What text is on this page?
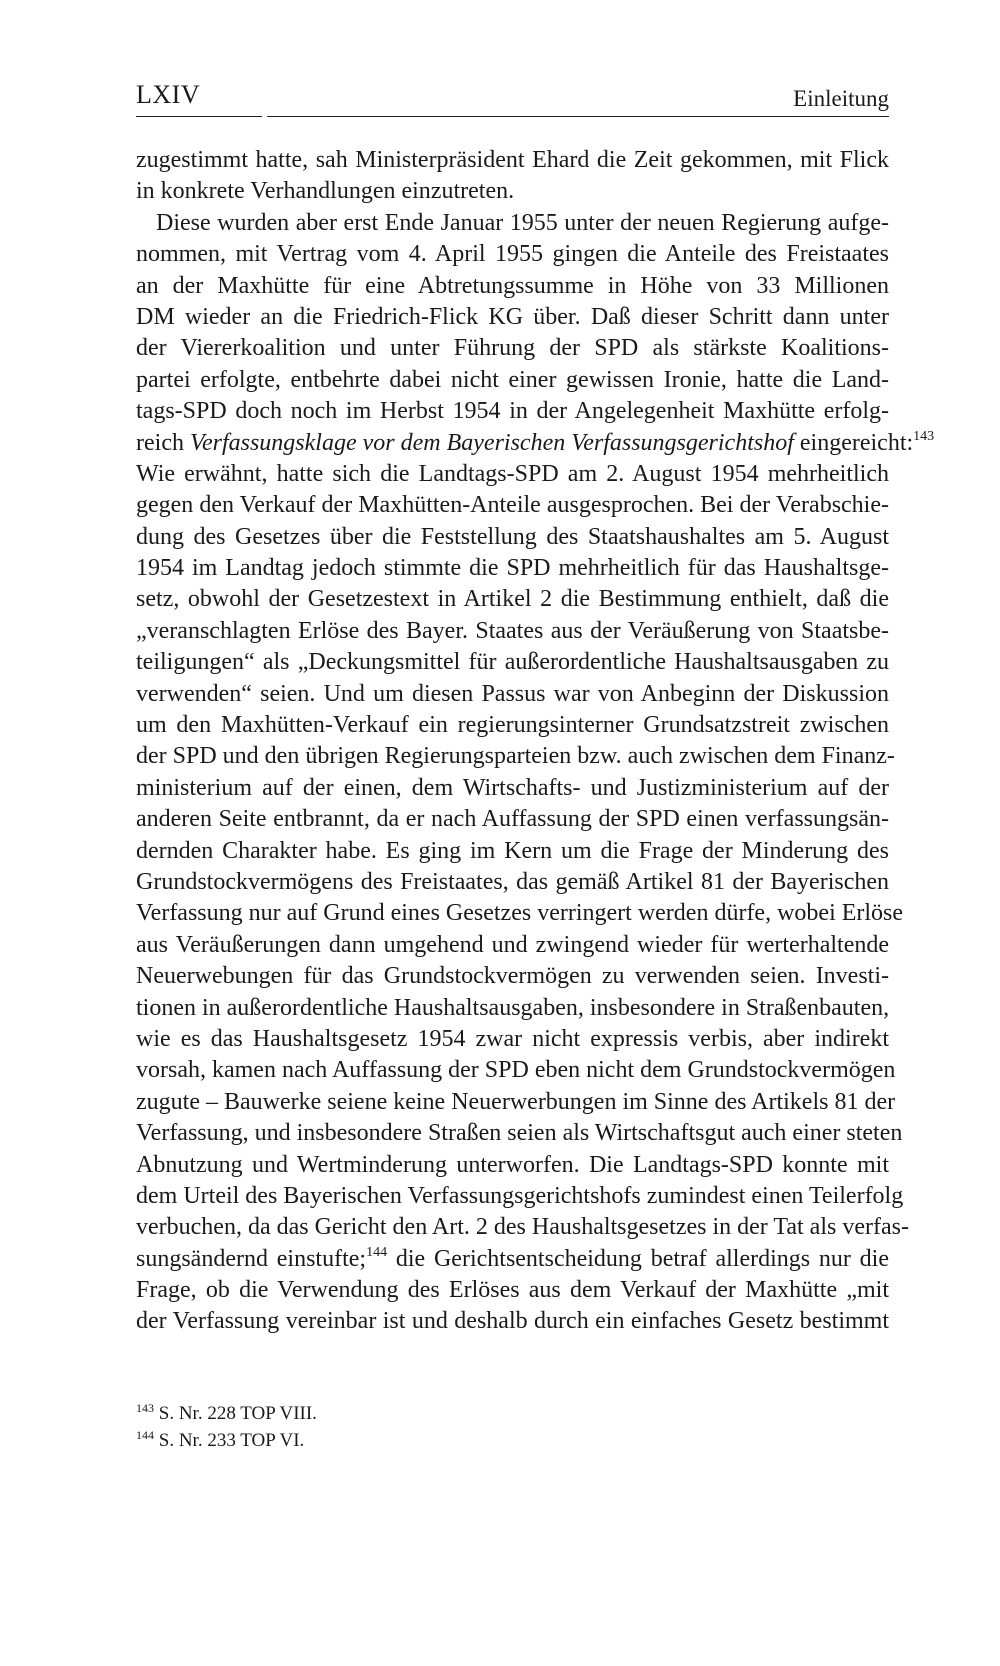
LXIV	Einleitung
zugestimmt hatte, sah Ministerpräsident Ehard die Zeit gekommen, mit Flick
in konkrete Verhandlungen einzutreten.
Diese wurden aber erst Ende Januar 1955 unter der neuen Regierung aufge-
nommen, mit Vertrag vom 4. April 1955 gingen die Anteile des Freistaates
an der Maxhütte für eine Abtretungssumme in Höhe von 33 Millionen
DM wieder an die Friedrich-Flick KG über. Daß dieser Schritt dann unter
der Viererkoalition und unter Führung der SPD als stärkste Koalitions-
partei erfolgte, entbehrte dabei nicht einer gewissen Ironie, hatte die Land-
tags-SPD doch noch im Herbst 1954 in der Angelegenheit Maxhütte erfolg-
reich Verfassungsklage vor dem Bayerischen Verfassungsgerichtshof eingereicht:$^{143}$
Wie erwähnt, hatte sich die Landtags-SPD am 2. August 1954 mehrheitlich
gegen den Verkauf der Maxhütten-Anteile ausgesprochen. Bei der Verabschie-
dung des Gesetzes über die Feststellung des Staatshaushaltes am 5. August
1954 im Landtag jedoch stimmte die SPD mehrheitlich für das Haushaltsge-
setz, obwohl der Gesetzestext in Artikel 2 die Bestimmung enthielt, daß die
„veranschlagten Erlöse des Bayer. Staates aus der Veräußerung von Staatsbe-
teiligungen“ als „Deckungsmittel für außerordentliche Haushaltsausgaben zu
verwenden“ seien. Und um diesen Passus war von Anbeginn der Diskussion
um den Maxhütten-Verkauf ein regierungsinterner Grundsatzstreit zwischen
der SPD und den übrigen Regierungsparteien bzw. auch zwischen dem Finanz-
ministerium auf der einen, dem Wirtschafts- und Justizministerium auf der
anderen Seite entbrannt, da er nach Auffassung der SPD einen verfassungsän-
dernden Charakter habe. Es ging im Kern um die Frage der Minderung des
Grundstockvermögens des Freistaates, das gemäß Artikel 81 der Bayerischen
Verfassung nur auf Grund eines Gesetzes verringert werden dürfe, wobei Erlöse
aus Veräußerungen dann umgehend und zwingend wieder für werterhaltende
Neuerwebungen für das Grundstockvermögen zu verwenden seien. Investi-
tionen in außerordentliche Haushaltsausgaben, insbesondere in Straßenbauten,
wie es das Haushaltsgesetz 1954 zwar nicht expressis verbis, aber indirekt
vorsah, kamen nach Auffassung der SPD eben nicht dem Grundstockvermögen
zugute – Bauwerke seiene keine Neuerwerbungen im Sinne des Artikels 81 der
Verfassung, und insbesondere Straßen seien als Wirtschaftsgut auch einer steten
Abnutzung und Wertminderung unterworfen. Die Landtags-SPD konnte mit
dem Urteil des Bayerischen Verfassungsgerichtshofs zumindest einen Teilerfolg
verbuchen, da das Gericht den Art. 2 des Haushaltsgesetzes in der Tat als verfas-
sungsändernd einstufte;$^{144}$ die Gerichtsentscheidung betraf allerdings nur die
Frage, ob die Verwendung des Erlöses aus dem Verkauf der Maxhütte „mit
der Verfassung vereinbar ist und deshalb durch ein einfaches Gesetz bestimmt
$^{143}$ S. Nr. 228 TOP VIII.
$^{144}$ S. Nr. 233 TOP VI.
